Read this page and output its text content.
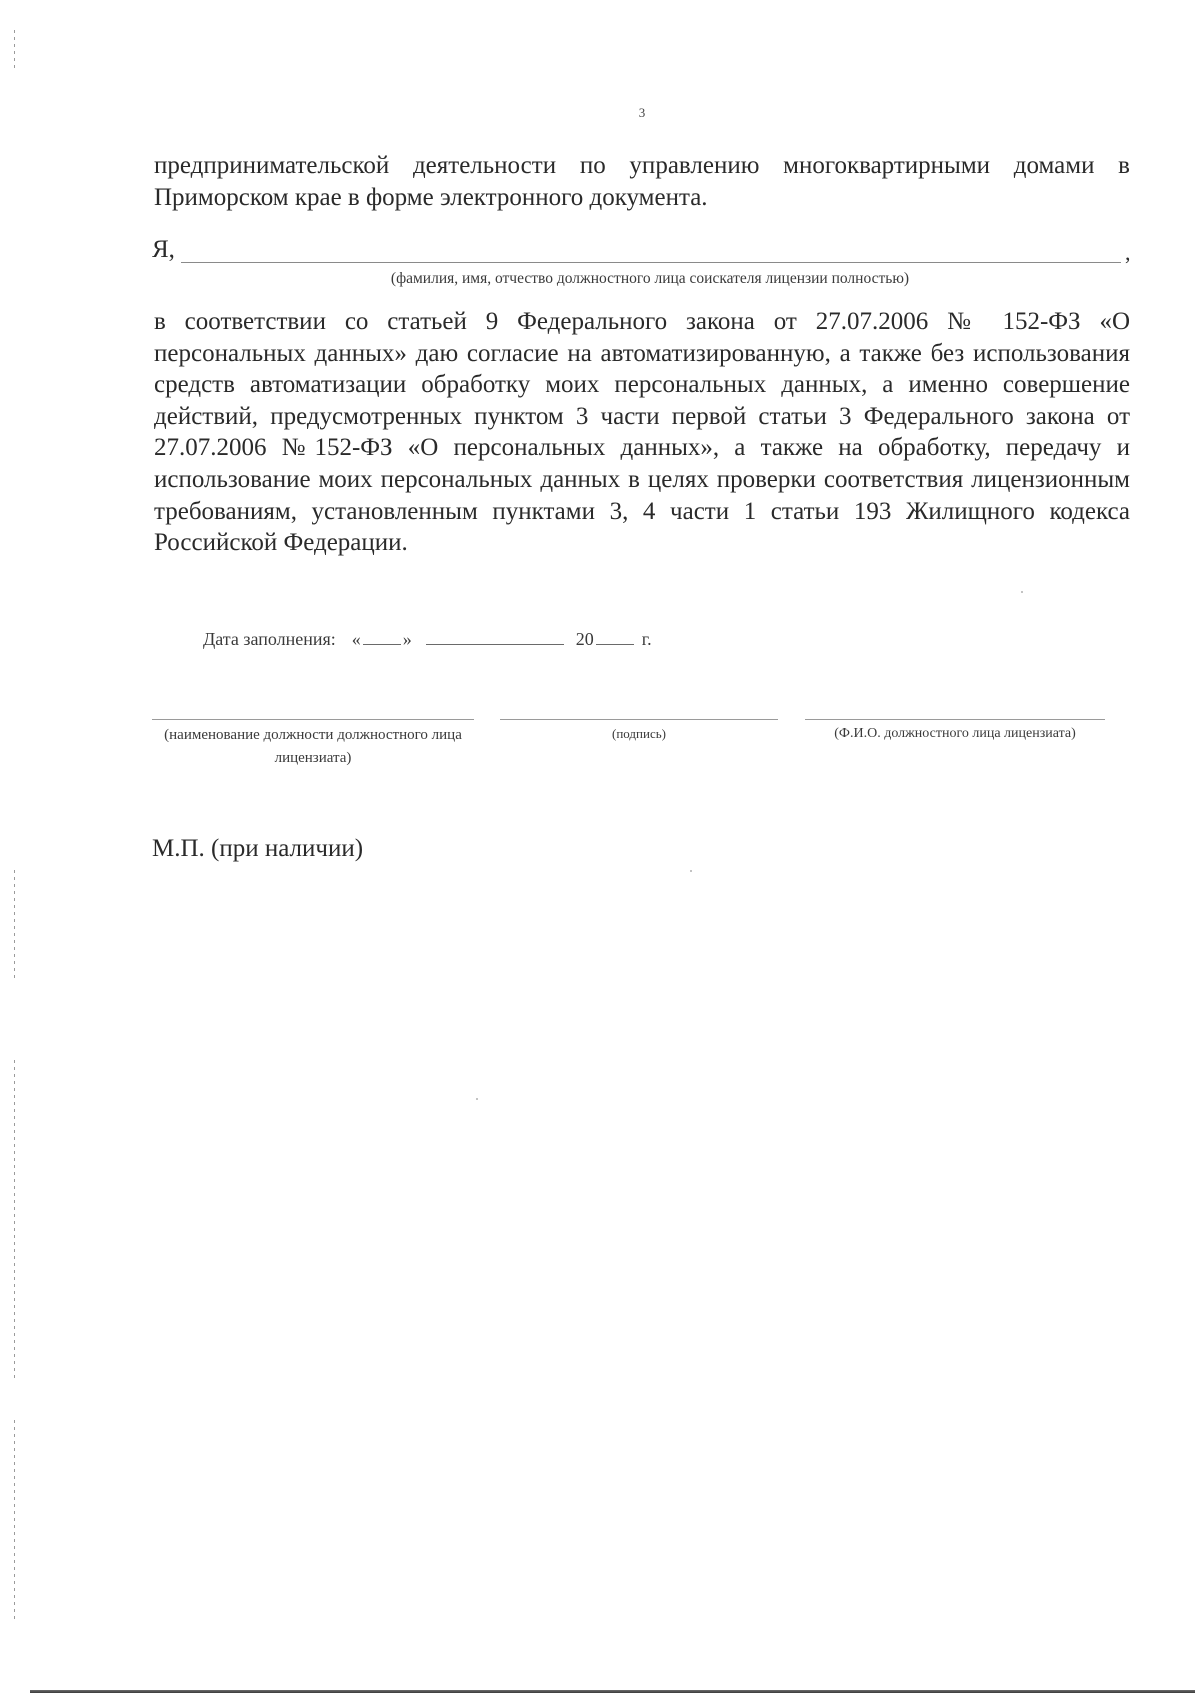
3
предпринимательской деятельности по управлению многоквартирными домами в Приморском крае в форме электронного документа.
Я,	,
(фамилия, имя, отчество должностного лица соискателя лицензии полностью)
в соответствии со статьей 9 Федерального закона от 27.07.2006 № 152-ФЗ «О персональных данных» даю согласие на автоматизированную, а также без использования средств автоматизации обработку моих персональных данных, а именно совершение действий, предусмотренных пунктом 3 части первой статьи 3 Федерального закона от 27.07.2006 №152-ФЗ «О персональных данных», а также на обработку, передачу и использование моих персональных данных в целях проверки соответствия лицензионным требованиям, установленным пунктами 3, 4 части 1 статьи 193 Жилищного кодекса Российской Федерации.
Дата заполнения: « »	20	г.
(наименование должности должностного лица лицензиата)
(подпись)	(Ф.И.О. должностного лица лицензиата)
М.П. (при наличии)
